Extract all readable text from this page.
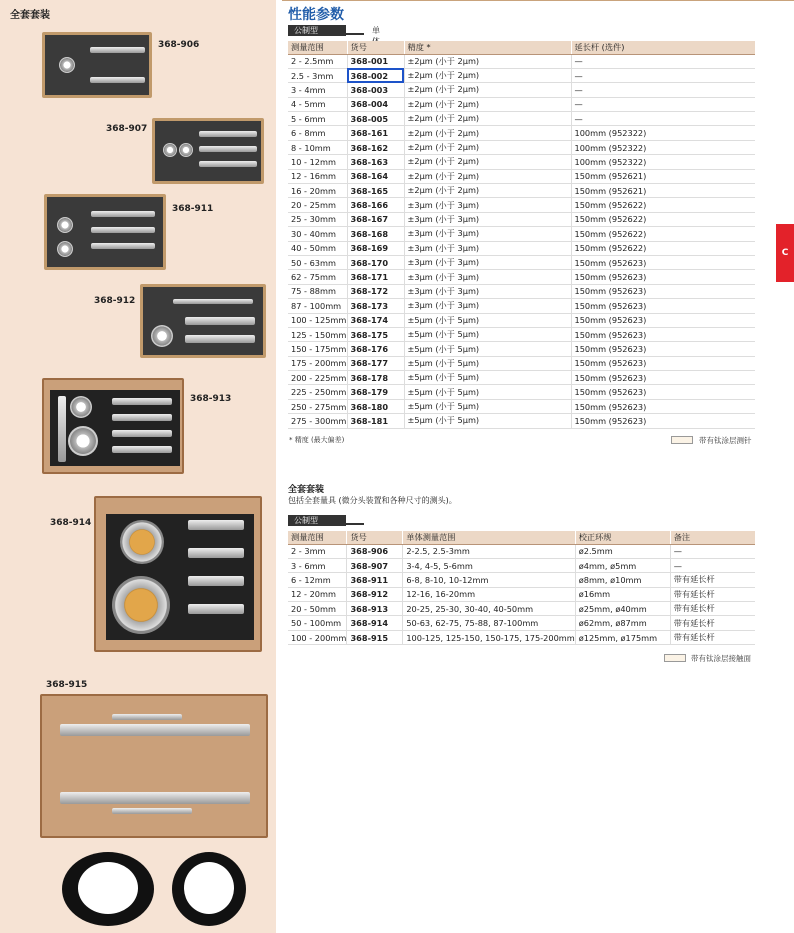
全套套装
368-906
368-907
368-911
368-912
368-913
368-914
368-915
性能参数
C
公制型	单
测量范围	货号	精度 *	延长杆 (选件)
2 - 2.5mm	368-001	±2μm (小于 2μm)	—
2.5 - 3mm	368-002	±2μm (小于 2μm)	—
3 - 4mm	368-003	±2μm (小于 2μm)	—
4 - 5mm	368-004	±2μm (小于 2μm)	—
5 - 6mm	368-005	±2μm (小于 2μm)	—
6 - 8mm	368-161	±2μm (小于 2μm)	100mm (952322)
8 - 10mm	368-162	±2μm (小于 2μm)	100mm (952322)
10 - 12mm	368-163	±2μm (小于 2μm)	100mm (952322)
12 - 16mm	368-164	±2μm (小于 2μm)	150mm (952621)
16 - 20mm	368-165	±2μm (小于 2μm)	150mm (952621)
20 - 25mm	368-166	±3μm (小于 3μm)	150mm (952622)
25 - 30mm	368-167	±3μm (小于 3μm)	150mm (952622)
30 - 40mm	368-168	±3μm (小于 3μm)	150mm (952622)
40 - 50mm	368-169	±3μm (小于 3μm)	150mm (952622)
50 - 63mm	368-170	±3μm (小于 3μm)	150mm (952623)
62 - 75mm	368-171	±3μm (小于 3μm)	150mm (952623)
75 - 88mm	368-172	±3μm (小于 3μm)	150mm (952623)
87 - 100mm	368-173	±3μm (小于 3μm)	150mm (952623)
100 - 125mm	368-174	±5μm (小于 5μm)	150mm (952623)
125 - 150mm	368-175	±5μm (小于 5μm)	150mm (952623)
150 - 175mm	368-176	±5μm (小于 5μm)	150mm (952623)
175 - 200mm	368-177	±5μm (小于 5μm)	150mm (952623)
200 - 225mm	368-178	±5μm (小于 5μm)	150mm (952623)
225 - 250mm	368-179	±5μm (小于 5μm)	150mm (952623)
250 - 275mm	368-180	±5μm (小于 5μm)	150mm (952623)
275 - 300mm	368-181	±5μm (小于 5μm)	150mm (952623)
* 精度 (最大偏差)	带有钛涂层测针
全套套装
包括全套量具 (微分头装置和各种尺寸的测头)。
公制型
测量范围	货号	单体测量范围	校正环规	备注
2 - 3mm	368-906	2-2.5, 2.5-3mm	ø2.5mm	—
3 - 6mm	368-907	3-4, 4-5, 5-6mm	ø4mm, ø5mm	—
6 - 12mm	368-911	6-8, 8-10, 10-12mm	ø8mm, ø10mm	带有延长杆
12 - 20mm	368-912	12-16, 16-20mm	ø16mm	带有延长杆
20 - 50mm	368-913	20-25, 25-30, 30-40, 40-50mm	ø25mm, ø40mm	带有延长杆
50 - 100mm	368-914	50-63, 62-75, 75-88, 87-100mm	ø62mm, ø87mm	带有延长杆
100 - 200mm	368-915	100-125, 125-150, 150-175, 175-200mm	ø125mm, ø175mm	带有延长杆
带有钛涂层接触面
